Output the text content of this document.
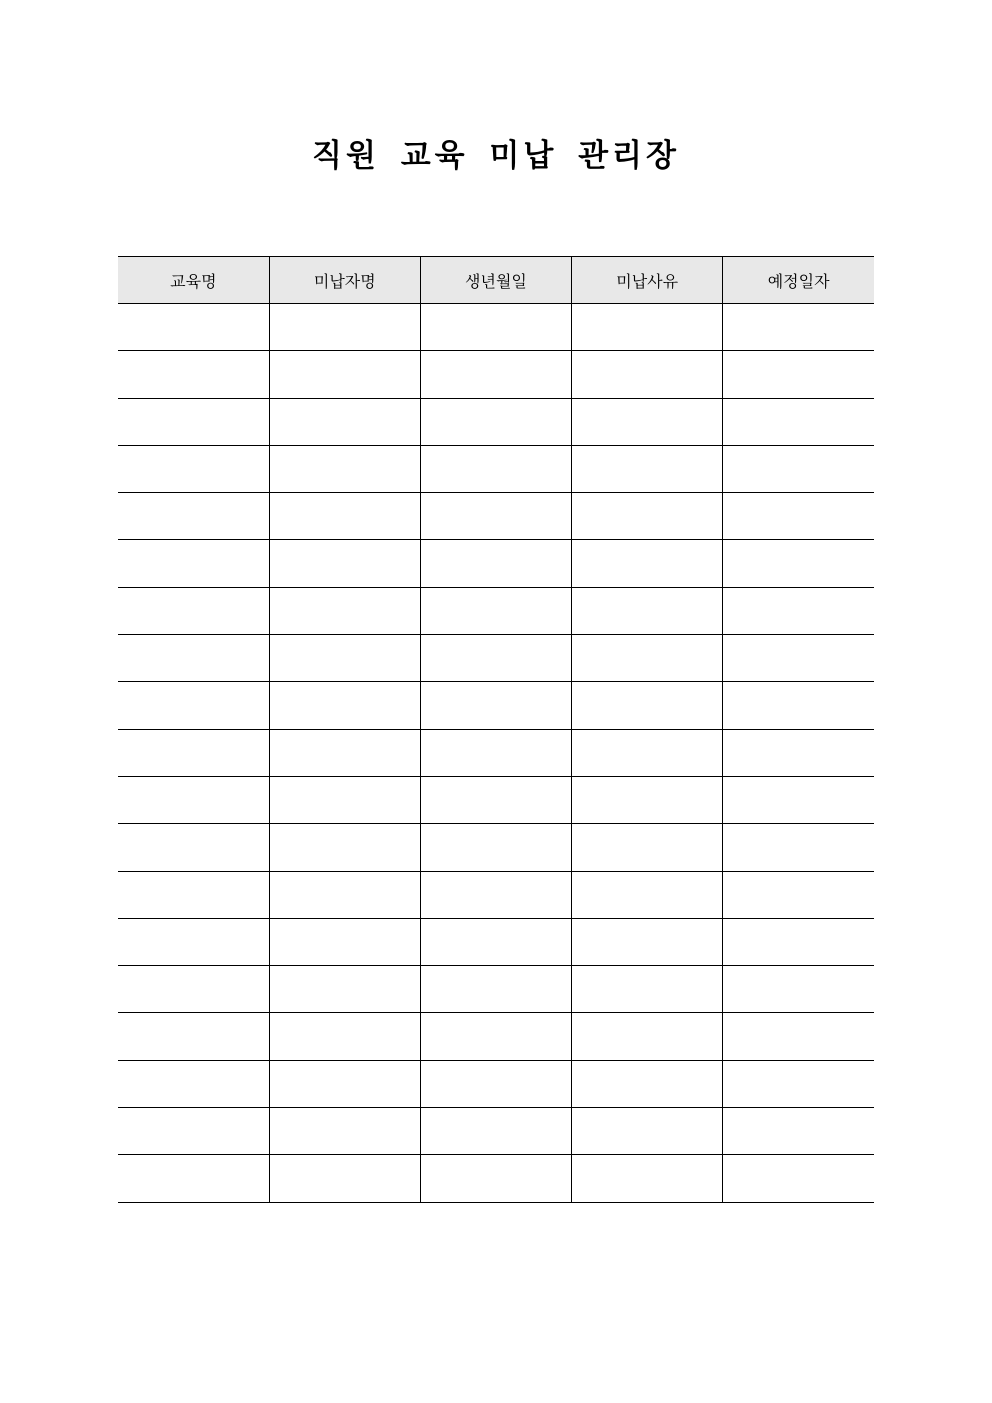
직원 교육 미납 관리장
교육명	미납자명	생년월일	미납사유	예정일자
